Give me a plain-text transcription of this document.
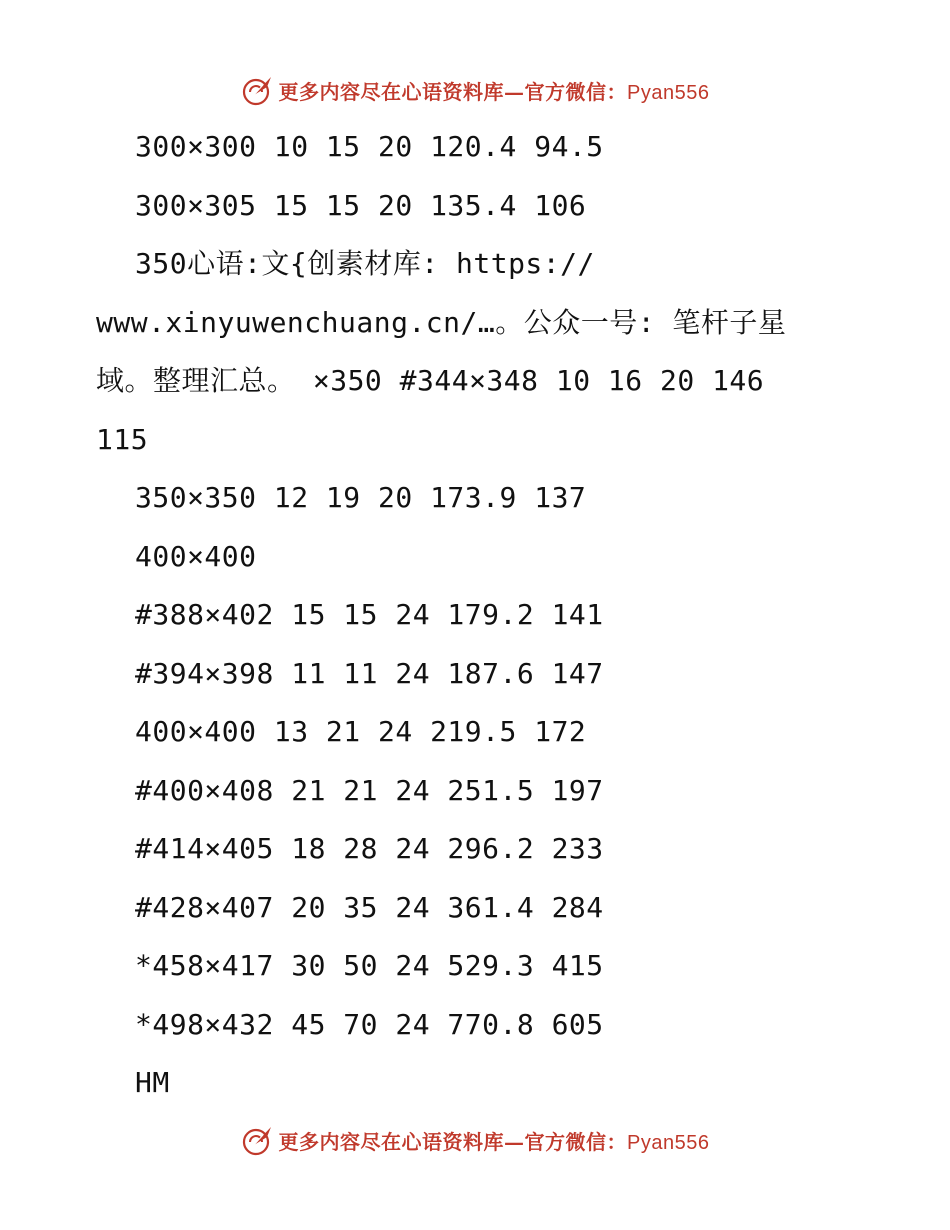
更多内容尽在心语资料库—官方微信：Pyan556
300×300 10 15 20 120.4 94.5
300×305 15 15 20 135.4 106
350心语:文{创素材库: https://
www.xinyuwenchuang.cn/…。公众一号: 笔杆子星
域。整理汇总。 ×350 #344×348 10 16 20 146
115
350×350 12 19 20 173.9 137
400×400
#388×402 15 15 24 179.2 141
#394×398 11 11 24 187.6 147
400×400 13 21 24 219.5 172
#400×408 21 21 24 251.5 197
#414×405 18 28 24 296.2 233
#428×407 20 35 24 361.4 284
*458×417 30 50 24 529.3 415
*498×432 45 70 24 770.8 605
HM
更多内容尽在心语资料库—官方微信：Pyan556
